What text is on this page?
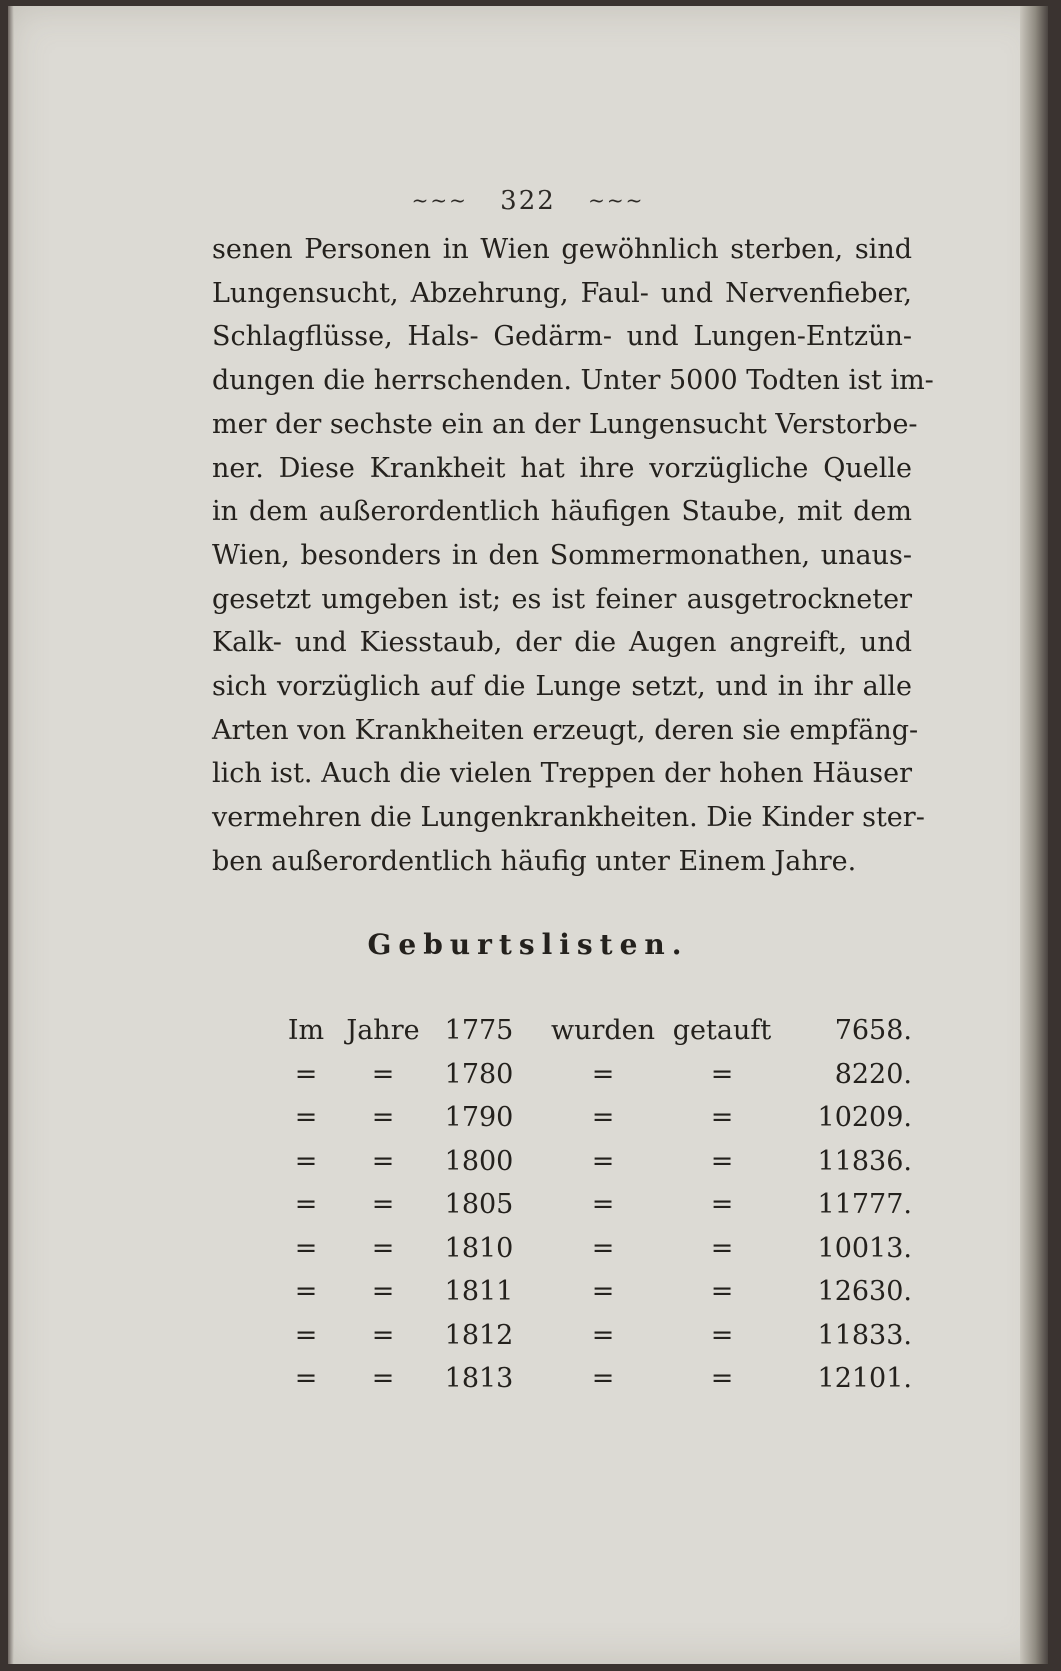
~~~ 322 ~~~
senen Personen in Wien gewöhnlich sterben, sind
Lungensucht, Abzehrung, Faul- und Nervenfieber,
Schlagflüsse, Hals- Gedärm- und Lungen-Entzün-
dungen die herrschenden. Unter 5000 Todten ist im-
mer der sechste ein an der Lungensucht Verstorbe-
ner. Diese Krankheit hat ihre vorzügliche Quelle
in dem außerordentlich häufigen Staube, mit dem
Wien, besonders in den Sommermonathen, unaus-
gesetzt umgeben ist; es ist feiner ausgetrockneter
Kalk- und Kiesstaub, der die Augen angreift, und
sich vorzüglich auf die Lunge setzt, und in ihr alle
Arten von Krankheiten erzeugt, deren sie empfäng-
lich ist. Auch die vielen Treppen der hohen Häuser
vermehren die Lungenkrankheiten. Die Kinder ster-
ben außerordentlich häufig unter Einem Jahre.
Geburtslisten.
Im	Jahre	1775	wurden	getauft	7658.
=	=	1780	=	=	8220.
=	=	1790	=	=	10209.
=	=	1800	=	=	11836.
=	=	1805	=	=	11777.
=	=	1810	=	=	10013.
=	=	1811	=	=	12630.
=	=	1812	=	=	11833.
=	=	1813	=	=	12101.
